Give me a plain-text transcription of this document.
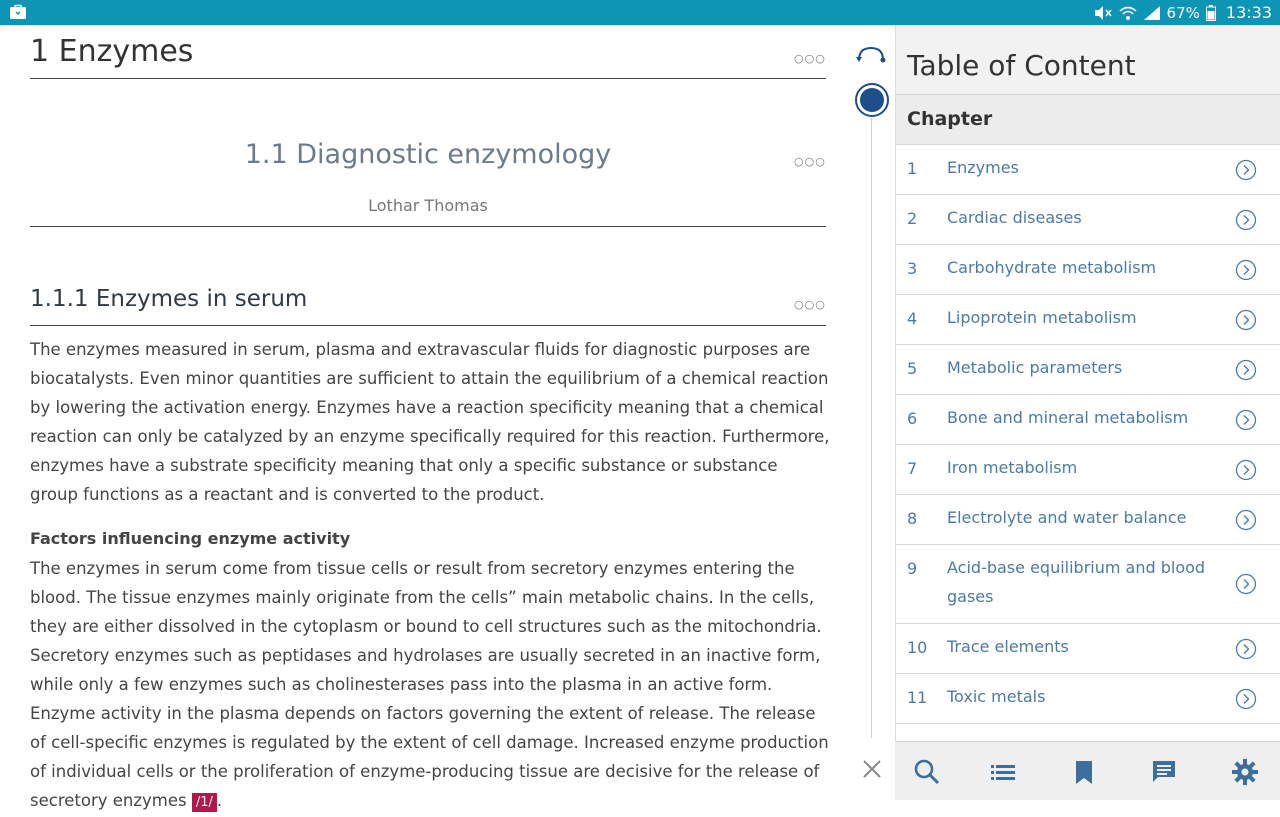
67% 13:33
1 Enzymes	○○○
1.1 Diagnostic enzymology	○○○
Lothar Thomas
1.1.1 Enzymes in serum	○○○
The enzymes measured in serum, plasma and extravascular fluids for diagnostic purposes are biocatalysts. Even minor quantities are sufficient to attain the equilibrium of a chemical reaction by lowering the activation energy. Enzymes have a reaction specificity meaning that a chemical reaction can only be catalyzed by an enzyme specifically required for this reaction. Furthermore, enzymes have a substrate specificity meaning that only a specific substance or substance group functions as a reactant and is converted to the product.
Factors influencing enzyme activity
The enzymes in serum come from tissue cells or result from secretory enzymes entering the blood. The tissue enzymes mainly originate from the cells” main metabolic chains. In the cells, they are either dissolved in the cytoplasm or bound to cell structures such as the mitochondria. Secretory enzymes such as peptidases and hydrolases are usually secreted in an inactive form, while only a few enzymes such as cholinesterases pass into the plasma in an active form. Enzyme activity in the plasma depends on factors governing the extent of release. The release of cell-specific enzymes is regulated by the extent of cell damage. Increased enzyme production of individual cells or the proliferation of enzyme-producing tissue are decisive for the release of secretory enzymes /1/ .
Table of Content
Chapter
1 Enzymes
2 Cardiac diseases
3 Carbohydrate metabolism
4 Lipoprotein metabolism
5 Metabolic parameters
6 Bone and mineral metabolism
7 Iron metabolism
8 Electrolyte and water balance
9 Acid-base equilibrium and blood gases
10 Trace elements
11 Toxic metals
